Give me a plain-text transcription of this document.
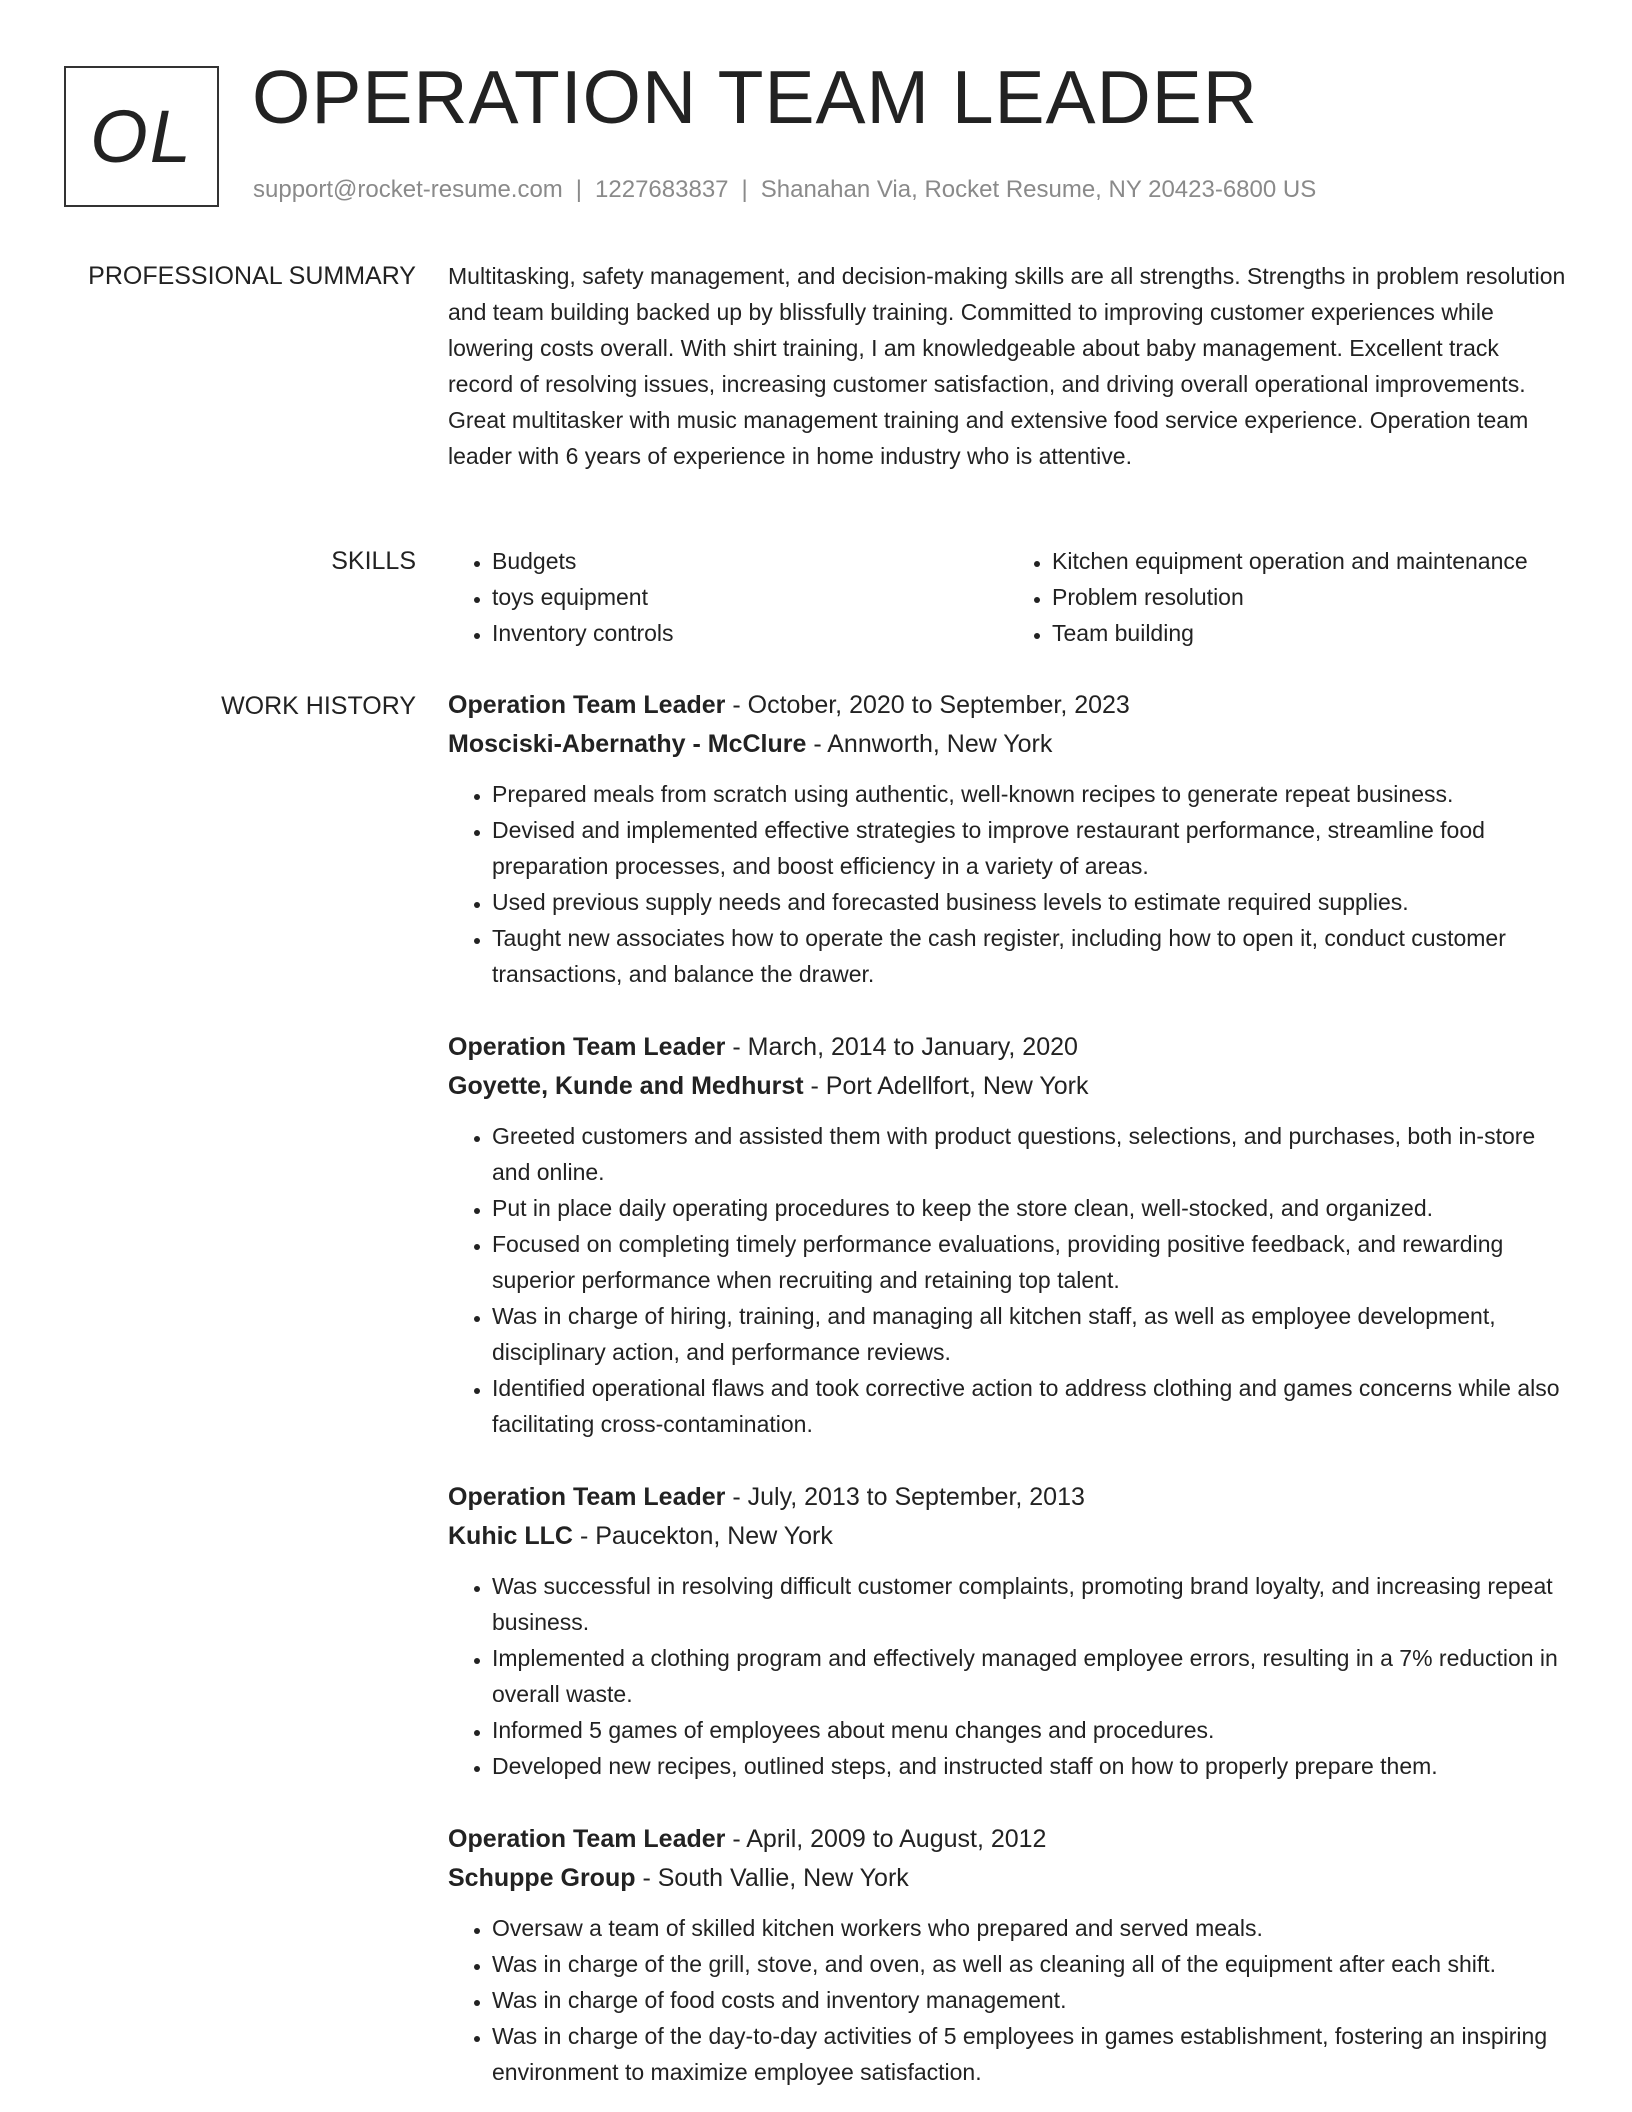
OL OPERATION TEAM LEADER
support@rocket-resume.com | 1227683837 | Shanahan Via, Rocket Resume, NY 20423-6800 US
PROFESSIONAL SUMMARY Multitasking, safety management, and decision-making skills are all strengths. Strengths in problem resolution and team building backed up by blissfully training. Committed to improving customer experiences while lowering costs overall. With shirt training, I am knowledgeable about baby management. Excellent track record of resolving issues, increasing customer satisfaction, and driving overall operational improvements. Great multitasker with music management training and extensive food service experience. Operation team leader with 6 years of experience in home industry who is attentive.

SKILLS
•	Budgets
• toys equipment
• Inventory controls
• Kitchen equipment operation and maintenance
• Problem resolution
• Team building
WORK HISTORY Operation Team Leader - October, 2020 to September, 2023
Mosciski-Abernathy - McClure - Annworth, New York
• Prepared meals from scratch using authentic, well-known recipes to generate repeat business.
• Devised and implemented effective strategies to improve restaurant performance, streamline food preparation processes, and boost efficiency in a variety of areas.
• Used previous supply needs and forecasted business levels to estimate required supplies.
• Taught new associates how to operate the cash register, including how to open it, conduct customer transactions, and balance the drawer.
Operation Team Leader - March, 2014 to January, 2020
Goyette, Kunde and Medhurst - Port Adellfort, New York
• Greeted customers and assisted them with product questions, selections, and purchases, both in-store and online.
• Put in place daily operating procedures to keep the store clean, well-stocked, and organized.
• Focused on completing timely performance evaluations, providing positive feedback, and rewarding superior performance when recruiting and retaining top talent.
• Was in charge of hiring, training, and managing all kitchen staff, as well as employee development, disciplinary action, and performance reviews.
• Identified operational flaws and took corrective action to address clothing and games concerns while also facilitating cross-contamination.
Operation Team Leader - July, 2013 to September, 2013
Kuhic LLC - Paucekton, New York
• Was successful in resolving difficult customer complaints, promoting brand loyalty, and increasing repeat business.
• Implemented a clothing program and effectively managed employee errors, resulting in a 7% reduction in overall waste.
• Informed 5 games of employees about menu changes and procedures.
• Developed new recipes, outlined steps, and instructed staff on how to properly prepare them.
Operation Team Leader - April, 2009 to August, 2012
Schuppe Group - South Vallie, New York
• Oversaw a team of skilled kitchen workers who prepared and served meals.
• Was in charge of the grill, stove, and oven, as well as cleaning all of the equipment after each shift.
• Was in charge of food costs and inventory management.
• Was in charge of the day-to-day activities of 5 employees in games establishment, fostering an inspiring environment to maximize employee satisfaction.
